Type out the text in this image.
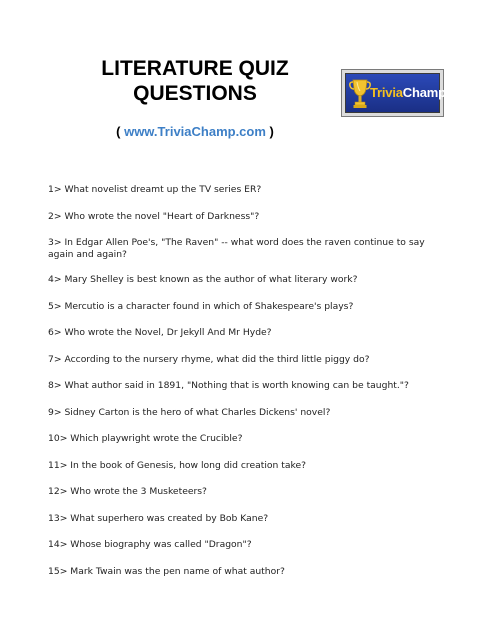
LITERATURE QUIZ
QUESTIONS

( www.TriviaChamp.com )

TriviaChamp
1> What novelist dreamt up the TV series ER?
2> Who wrote the novel "Heart of Darkness"?
3> In Edgar Allen Poe's, "The Raven" -- what word does the raven continue to say again and again?
4> Mary Shelley is best known as the author of what literary work?
5> Mercutio is a character found in which of Shakespeare's plays?
6> Who wrote the Novel, Dr Jekyll And Mr Hyde?
7> According to the nursery rhyme, what did the third little piggy do?
8> What author said in 1891, "Nothing that is worth knowing can be taught."?
9> Sidney Carton is the hero of what Charles Dickens' novel?
10> Which playwright wrote the Crucible?
11> In the book of Genesis, how long did creation take?
12> Who wrote the 3 Musketeers?
13> What superhero was created by Bob Kane?
14> Whose biography was called "Dragon"?
15> Mark Twain was the pen name of what author?
